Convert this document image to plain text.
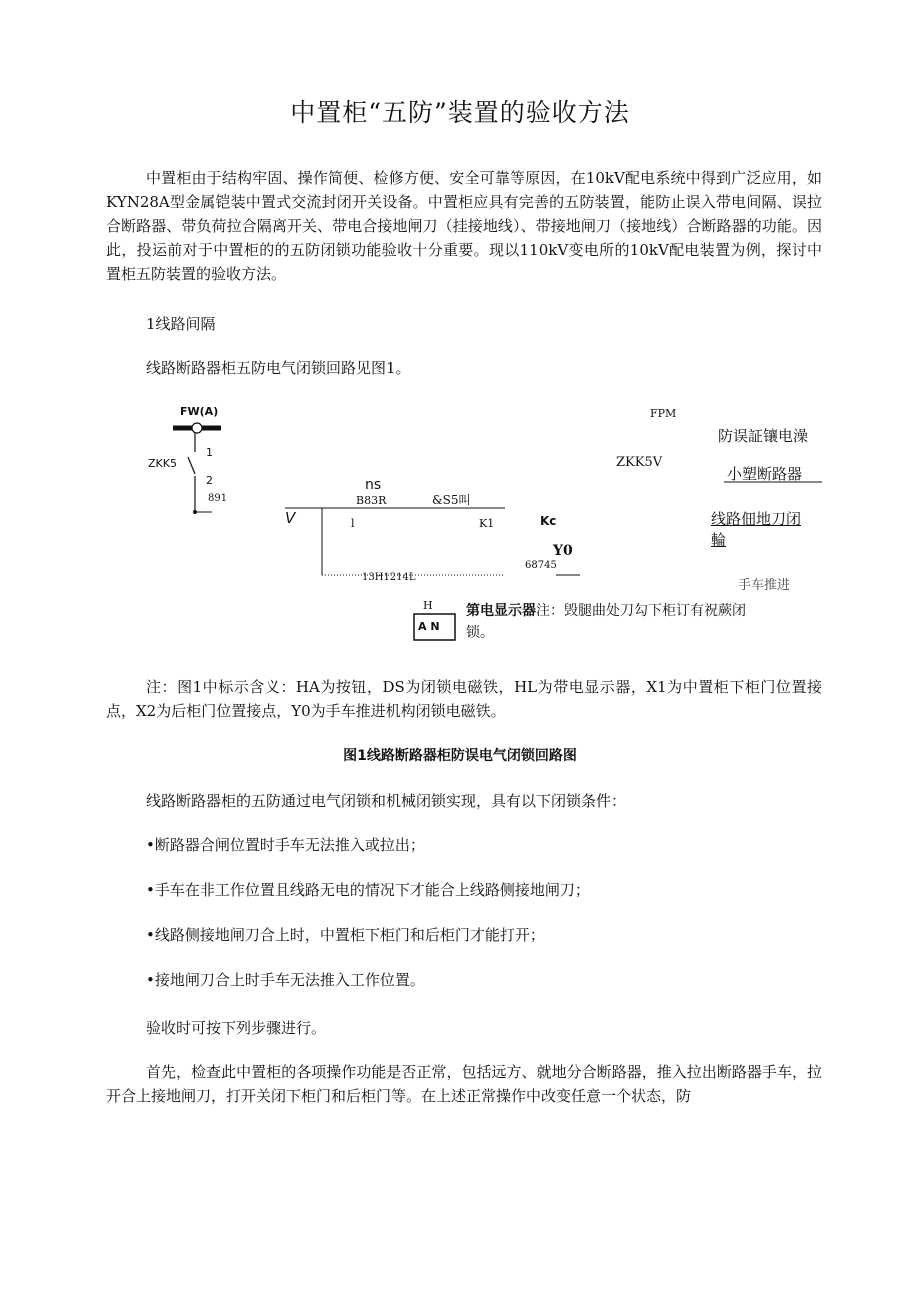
中置柜“五防”装置的验收方法
中置柜由于结构牢固、操作简便、检修方便、安全可靠等原因，在10kV配电系统中得到广泛应用，如KYN28A型金属铠装中置式交流封闭开关设备。中置柜应具有完善的五防装置，能防止误入带电间隔、误拉合断路器、带负荷拉合隔离开关、带电合接地闸刀（挂接地线）、带接地闸刀（接地线）合断路器的功能。因此，投运前对于中置柜的的五防闭锁功能验收十分重要。现以110kV变电所的10kV配电装置为例，探讨中置柜五防装置的验收方法。
1线路间隔
线路断路器柜五防电气闭锁回路见图1。
FW(A)
ZKK5
1
2
891
FPM
ZKK5V
防误証镶电澡
小塑断路器
线路佃地刀闭
輪
ns
B83R	&S5叫
V	l	K1	Kc
Y0
68745
13H1214L
手车推进
H
A N
第电显示器 注：毁腿曲处刀勾下柜订有祝蕨闭
锁。
注：图1中标示含义：HA为按钮，DS为闭锁电磁铁，HL为带电显示器，X1为中置柜下柜门位置接点，X2为后柜门位置接点，Y0为手车推进机构闭锁电磁铁。
图1线路断路器柜防误电气闭锁回路图
线路断路器柜的五防通过电气闭锁和机械闭锁实现，具有以下闭锁条件：
•断路器合闸位置时手车无法推入或拉出；
•手车在非工作位置且线路无电的情况下才能合上线路侧接地闸刀；
•线路侧接地闸刀合上时，中置柜下柜门和后柜门才能打开；
•接地闸刀合上时手车无法推入工作位置。
验收时可按下列步骤进行。
首先，检查此中置柜的各项操作功能是否正常，包括远方、就地分合断路器，推入拉出断路器手车，拉开合上接地闸刀，打开关闭下柜门和后柜门等。在上述正常操作中改变任意一个状态，防
